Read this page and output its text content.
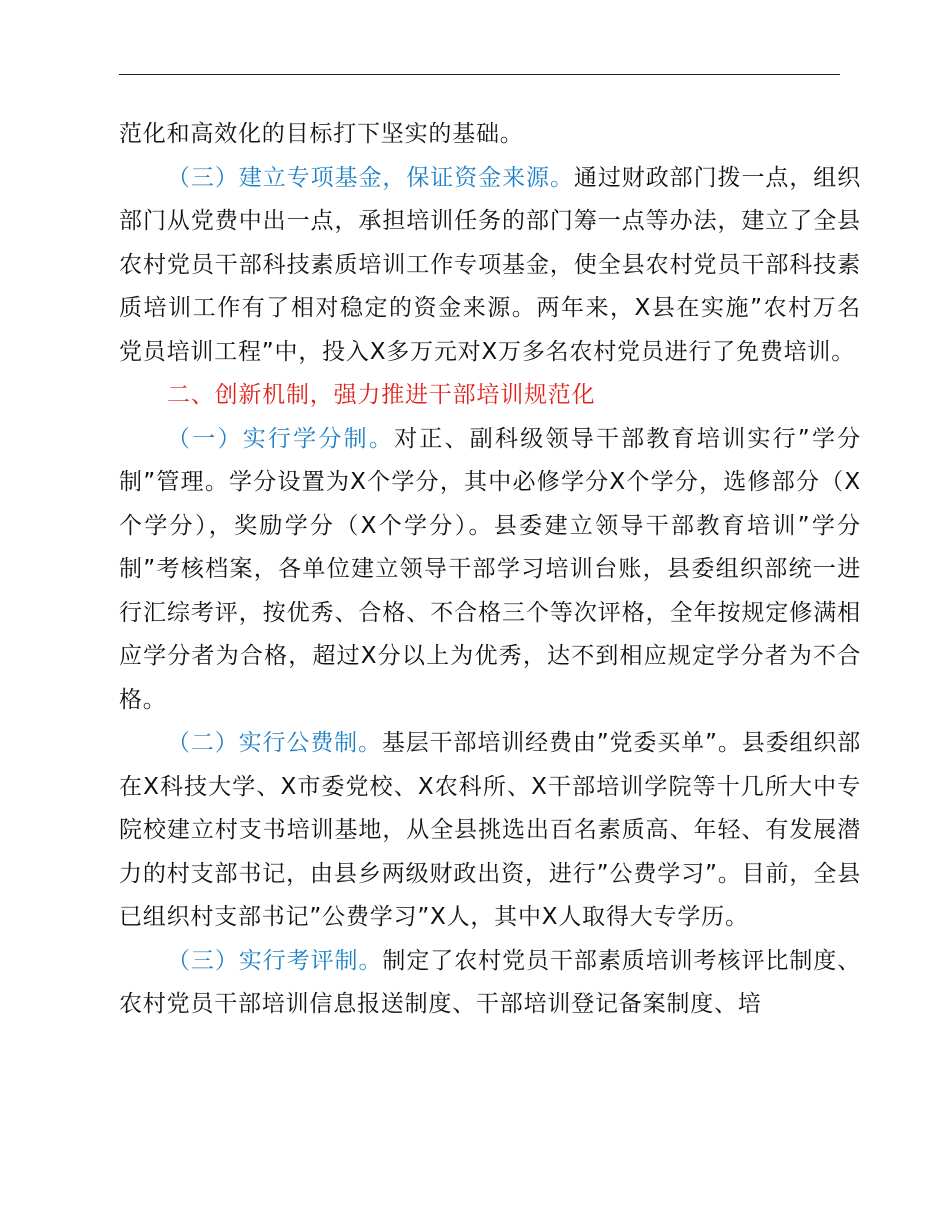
范化和高效化的目标打下坚实的基础。

（三）建立专项基金，保证资金来源。通过财政部门拨一点，组织部门从党费中出一点，承担培训任务的部门筹一点等办法，建立了全县农村党员干部科技素质培训工作专项基金，使全县农村党员干部科技素质培训工作有了相对稳定的资金来源。两年来，X县在实施”农村万名党员培训工程”中，投入X多万元对X万多名农村党员进行了免费培训。

二、创新机制，强力推进干部培训规范化

（一）实行学分制。对正、副科级领导干部教育培训实行”学分制”管理。学分设置为X个学分，其中必修学分X个学分，选修部分（X个学分），奖励学分（X个学分）。县委建立领导干部教育培训”学分制”考核档案，各单位建立领导干部学习培训台账，县委组织部统一进行汇综考评，按优秀、合格、不合格三个等次评格，全年按规定修满相应学分者为合格，超过X分以上为优秀，达不到相应规定学分者为不合格。

（二）实行公费制。基层干部培训经费由”党委买单”。县委组织部在X科技大学、X市委党校、X农科所、X干部培训学院等十几所大中专院校建立村支书培训基地，从全县挑选出百名素质高、年轻、有发展潜力的村支部书记，由县乡两级财政出资，进行”公费学习”。目前，全县已组织村支部书记”公费学习”X人，其中X人取得大专学历。

（三）实行考评制。制定了农村党员干部素质培训考核评比制度、农村党员干部培训信息报送制度、干部培训登记备案制度、培
